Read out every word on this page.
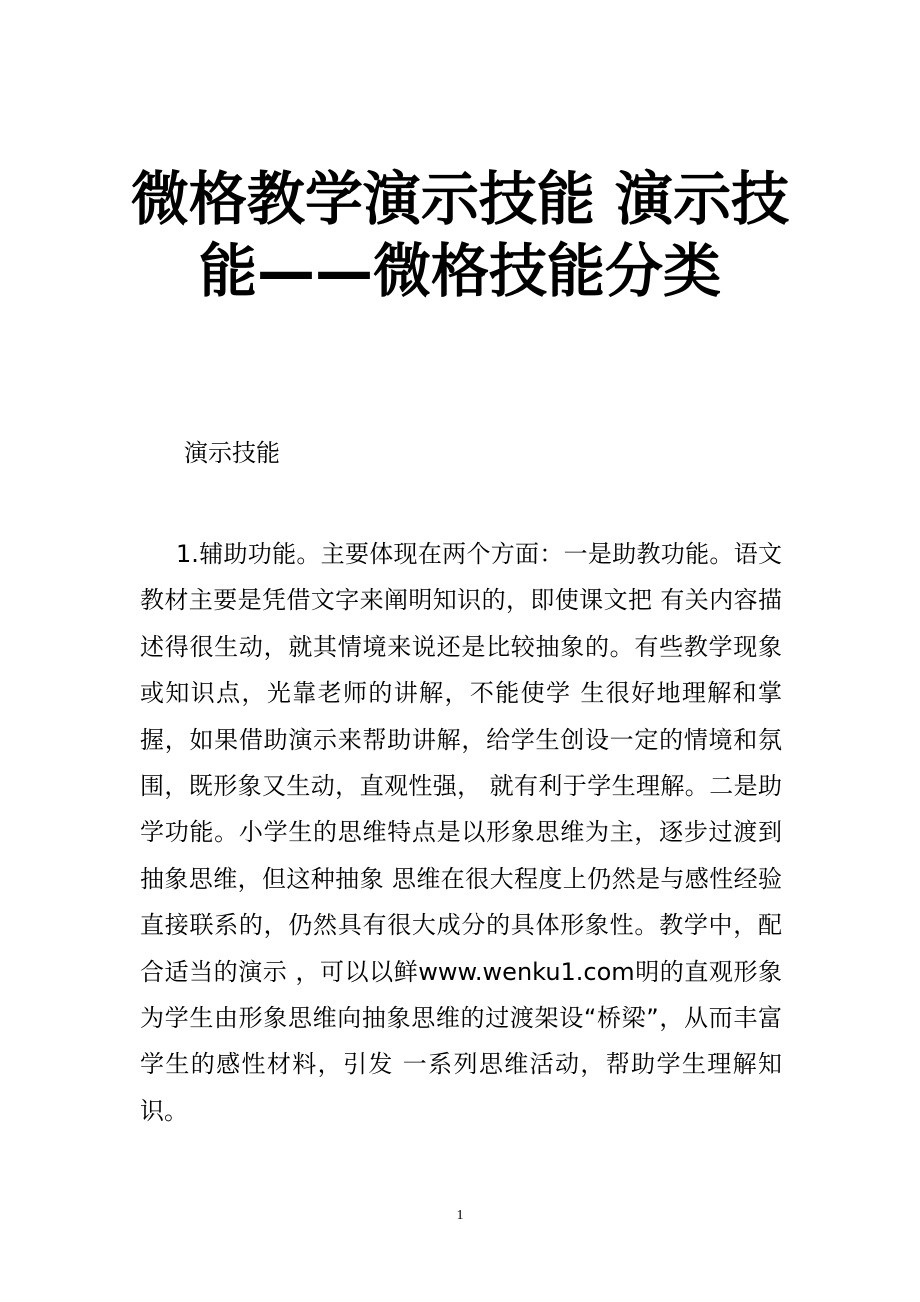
微格教学演示技能 演示技能——微格技能分类
演示技能

1.辅助功能。主要体现在两个方面：一是助教功能。语文教材主要是凭借文字来阐明知识的，即使课文把 有关内容描述得很生动，就其情境来说还是比较抽象的。有些教学现象或知识点，光靠老师的讲解，不能使学 生很好地理解和掌握，如果借助演示来帮助讲解，给学生创设一定的情境和氛围，既形象又生动，直观性强， 就有利于学生理解。二是助学功能。小学生的思维特点是以形象思维为主，逐步过渡到抽象思维，但这种抽象 思维在很大程度上仍然是与感性经验直接联系的，仍然具有很大成分的具体形象性。教学中，配合适当的演示 ，可以以鲜www.wenku1.com明的直观形象为学生由形象思维向抽象思维的过渡架设“桥梁”，从而丰富学生的感性材料，引发 一系列思维活动，帮助学生理解知识。

1
